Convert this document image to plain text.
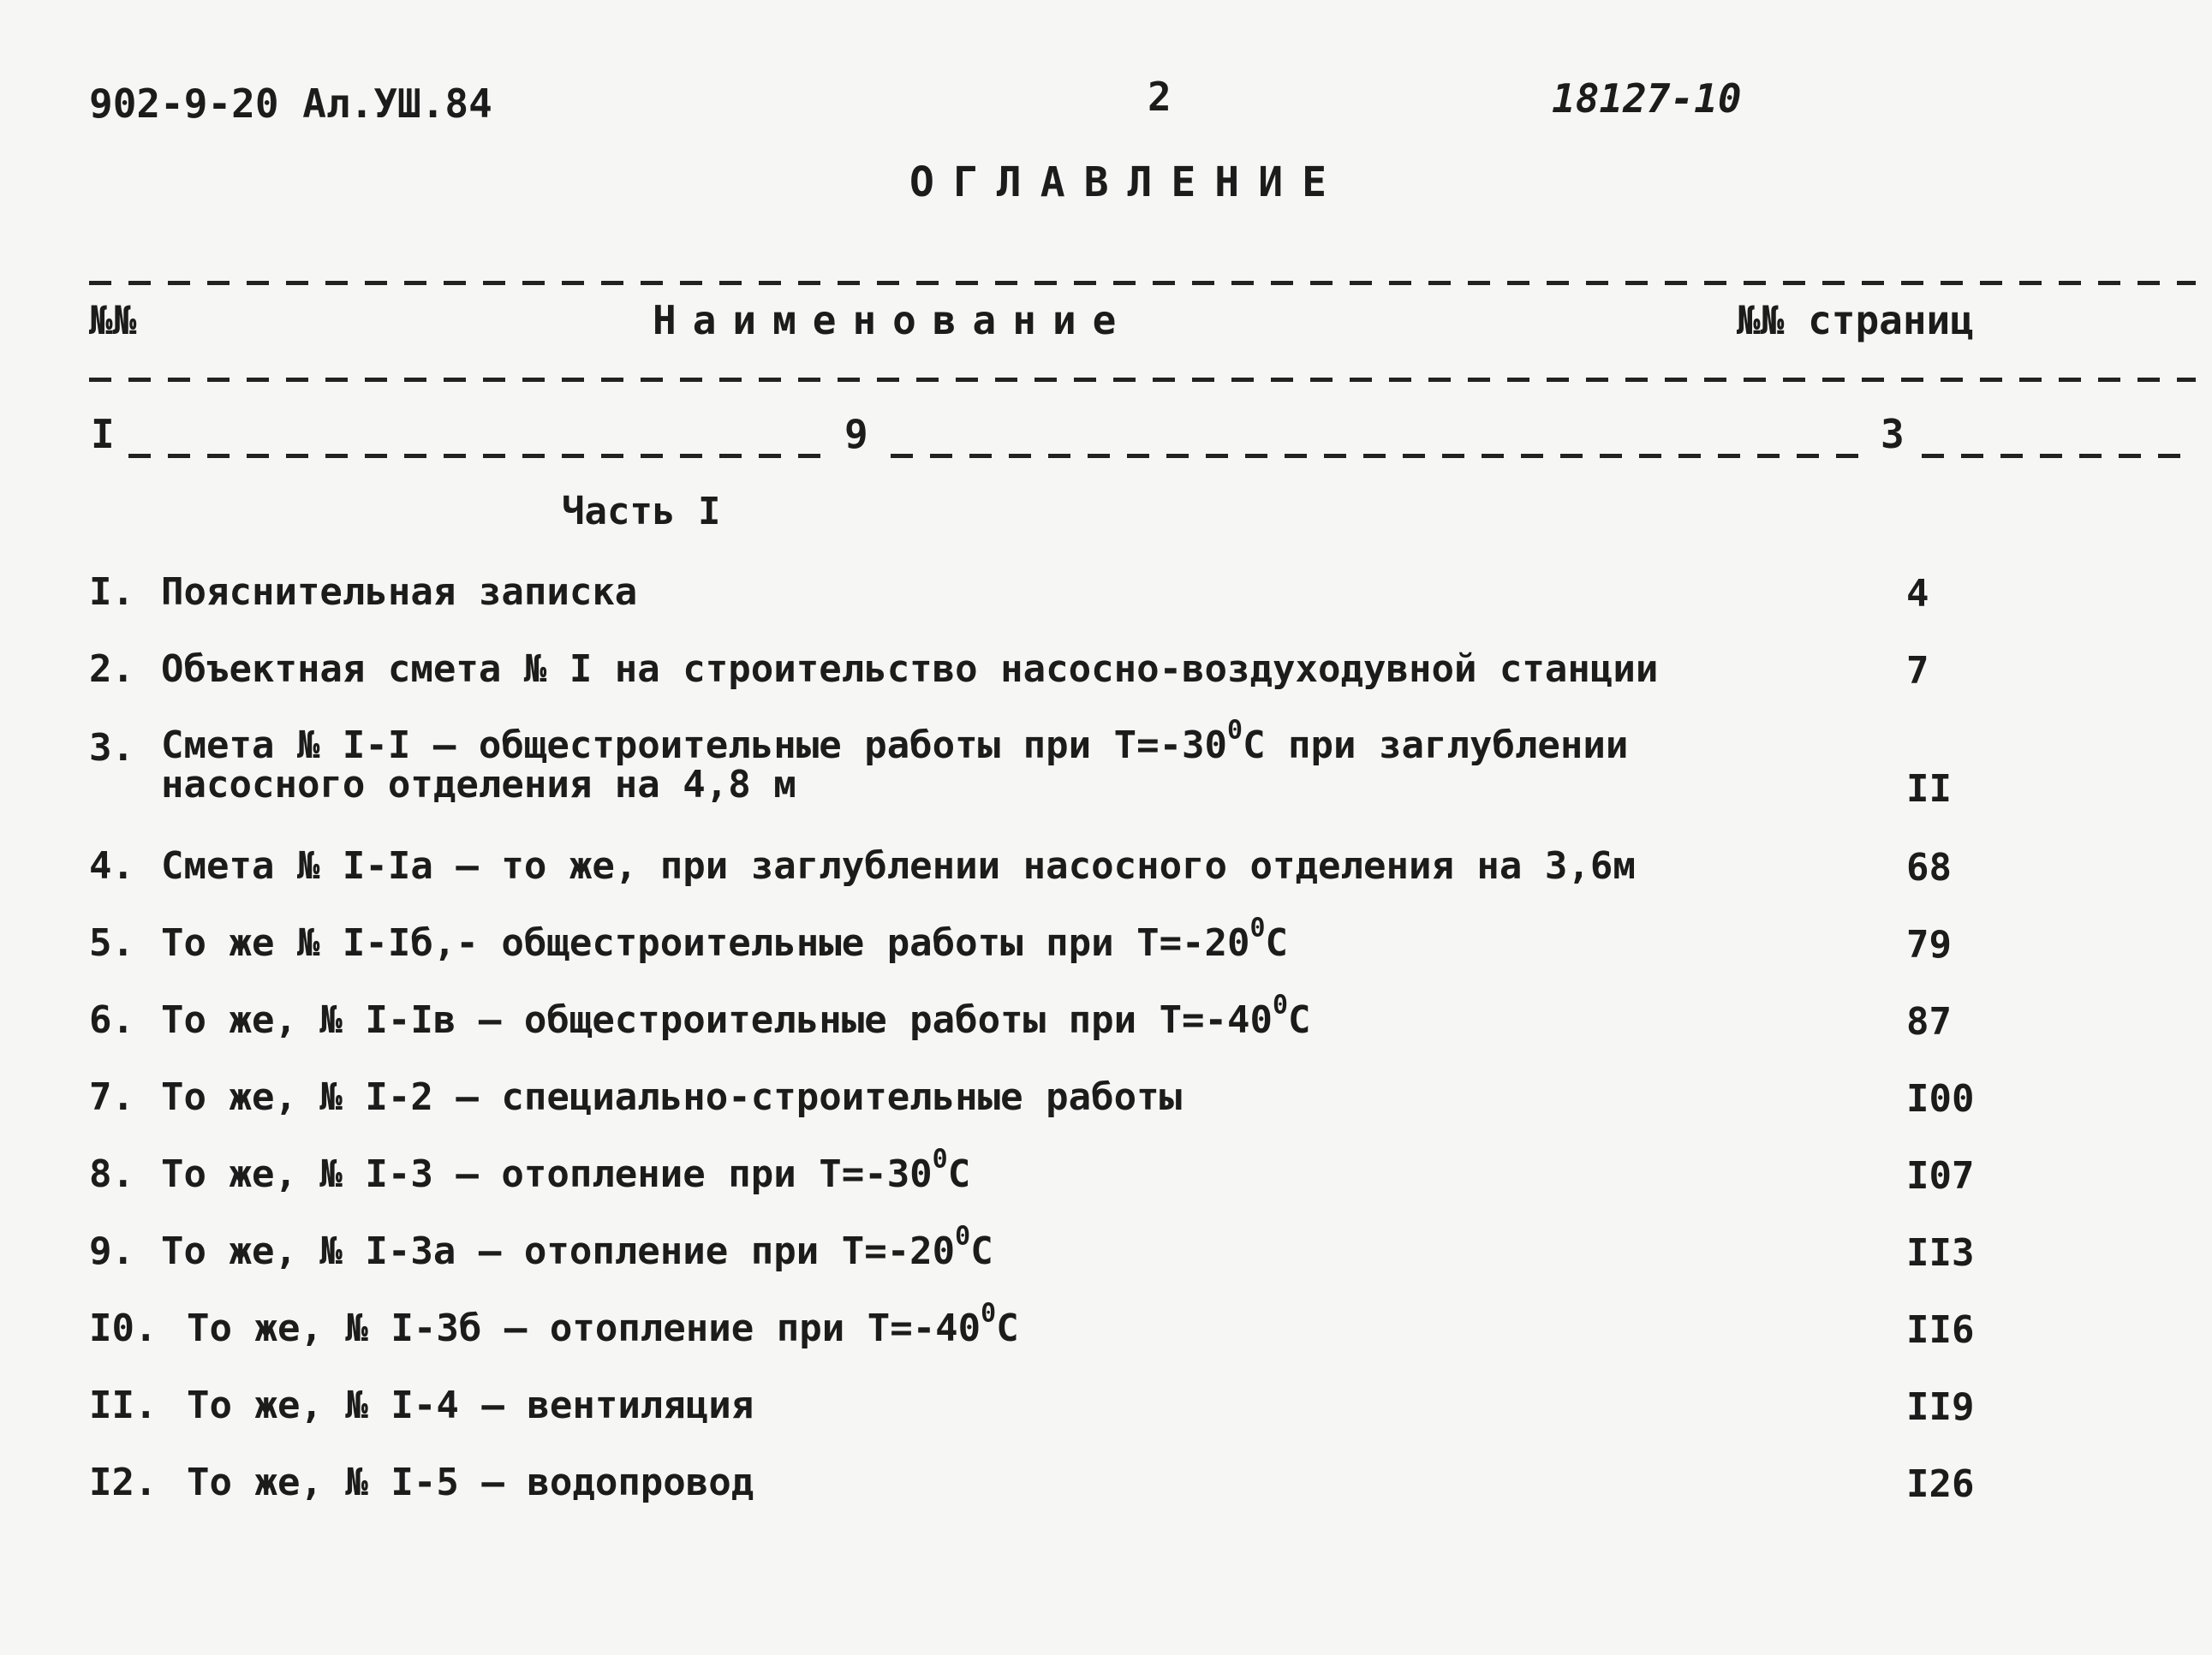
902-9-20 Ал.УШ.84	2	18127-10
ОГЛАВЛЕНИЕ
№№	Наименование	№№ страниц
I	9	3
Часть I
I. Пояснительная записка	4
2. Объектная смета № I на строительство насосно-воздуходувной станции	7
3. Смета № I-I – общестроительные работы при $Т=-30^0С$ при заглублении
насосного отделения на 4,8 м	II
4. Смета № I-Iа – то же, при заглублении насосного отделения на 3,6м	68
5. То же № I-Iб,- общестроительные работы при $Т=-20^0С$	79
6. То же, № I-Iв – общестроительные работы при $Т=-40^0С$	87
7. То же, № I-2 – специально-строительные работы	I00
8. То же, № I-3 – отопление при $Т=-30^0С$	I07
9. То же, № I-3а – отопление при $Т=-20^0С$	II3
I0. То же, № I-3б – отопление при $Т=-40^0С$	II6
II. То же, № I-4 – вентиляция	II9
I2. То же, № I-5 – водопровод	I26
